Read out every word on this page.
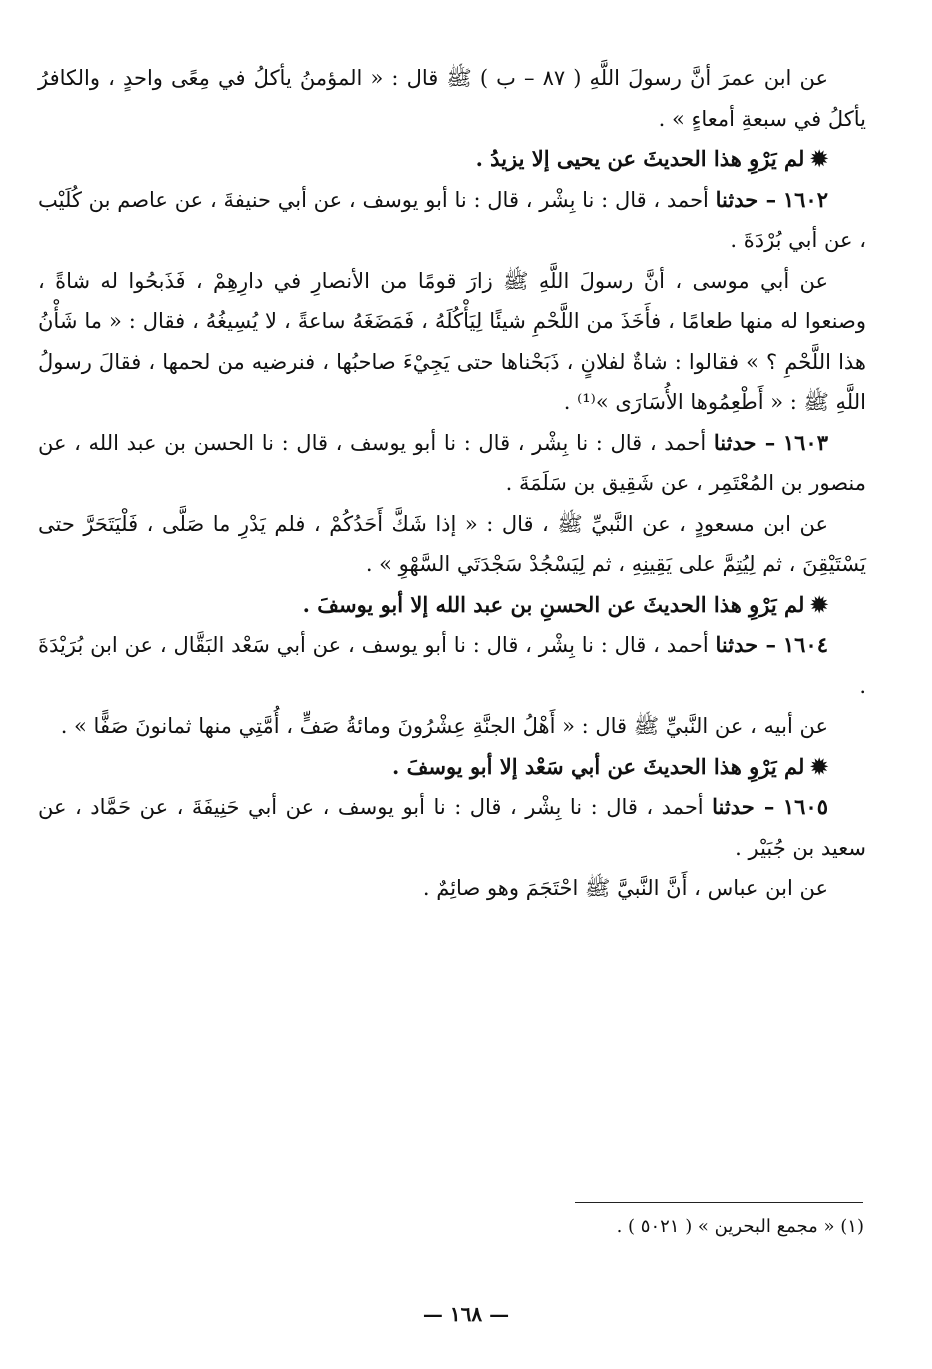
عن ابن عمرَ أنَّ رسولَ اللَّهِ ( ٨٧ – ب ) ﷺ قال : « المؤمنُ يأكلُ في مِعًى واحدٍ ، والكافرُ يأكلُ في سبعةِ أمعاءٍ » .

✹لم يَرْوِ هذا الحديثَ عن يحيى إلا يزيدُ .

١٦٠٢ – حدثنا أحمد ، قال : نا بِشْر ، قال : نا أبو يوسف ، عن أبي حنيفةَ ، عن عاصم بن كُلَيْب ، عن أبي بُرْدَةَ .

عن أبي موسى ، أنَّ رسولَ اللَّهِ ﷺ زارَ قومًا من الأنصارِ في دارِهِمْ ، فَذَبحُوا له شاةً ، وصنعوا له منها طعامًا ، فأَخَذَ من اللَّحْمِ شيئًا لِيَأْكُلَهُ ، فَمَضَغَهُ ساعةً ، لا يُسِيغُهُ ، فقال : « ما شَأْنُ هذا اللَّحْمِ ؟ » فقالوا : شاةٌ لفلانٍ ، ذَبَحْناها حتى يَجِيْءَ صاحبُها ، فنرضيه من لحمها ، فقالَ رسولُ اللَّهِ ﷺ : « أَطْعِمُوها الأُسَارَى »⁽¹⁾ .

١٦٠٣ – حدثنا أحمد ، قال : نا بِشْر ، قال : نا أبو يوسف ، قال : نا الحسن بن عبد الله ، عن منصور بن المُعْتَمِر ، عن شَقِيق بن سَلَمَةَ .

عن ابن مسعودٍ ، عن النَّبيِّ ﷺ ، قال : « إذا شَكَّ أَحَدُكُمْ ، فلم يَدْرِ ما صَلَّى ، فَلْيَتَحَرَّ حتى يَسْتَيْقِنَ ، ثم لِيُتِمَّ على يَقِينِهِ ، ثم لِيَسْجُدْ سَجْدَتَي السَّهْوِ » .

✹لم يَرْوِ هذا الحديثَ عن الحسنِ بن عبد الله إلا أبو يوسفَ .

١٦٠٤ – حدثنا أحمد ، قال : نا بِشْر ، قال : نا أبو يوسف ، عن أبي سَعْد البَقَّال ، عن ابن بُرَيْدَةَ .

عن أبيه ، عن النَّبيِّ ﷺ قال : « أَهْلُ الجنَّةِ عِشْرُونَ ومائةُ صَفٍّ ، أُمَّتِي منها ثمانونَ صَفًّا » .

✹لم يَرْوِ هذا الحديثَ عن أبي سَعْد إلا أبو يوسفَ .

١٦٠٥ – حدثنا أحمد ، قال : نا بِشْر ، قال : نا أبو يوسف ، عن أبي حَنِيفَةَ ، عن حَمَّاد ، عن سعيد بن جُبَيْر .

عن ابن عباس ، أَنَّ النَّبيَّ ﷺ احْتَجَمَ وهو صائِمٌ .

(١) « مجمع البحرين » ( ٥٠٢١ ) .
— ١٦٨ —
